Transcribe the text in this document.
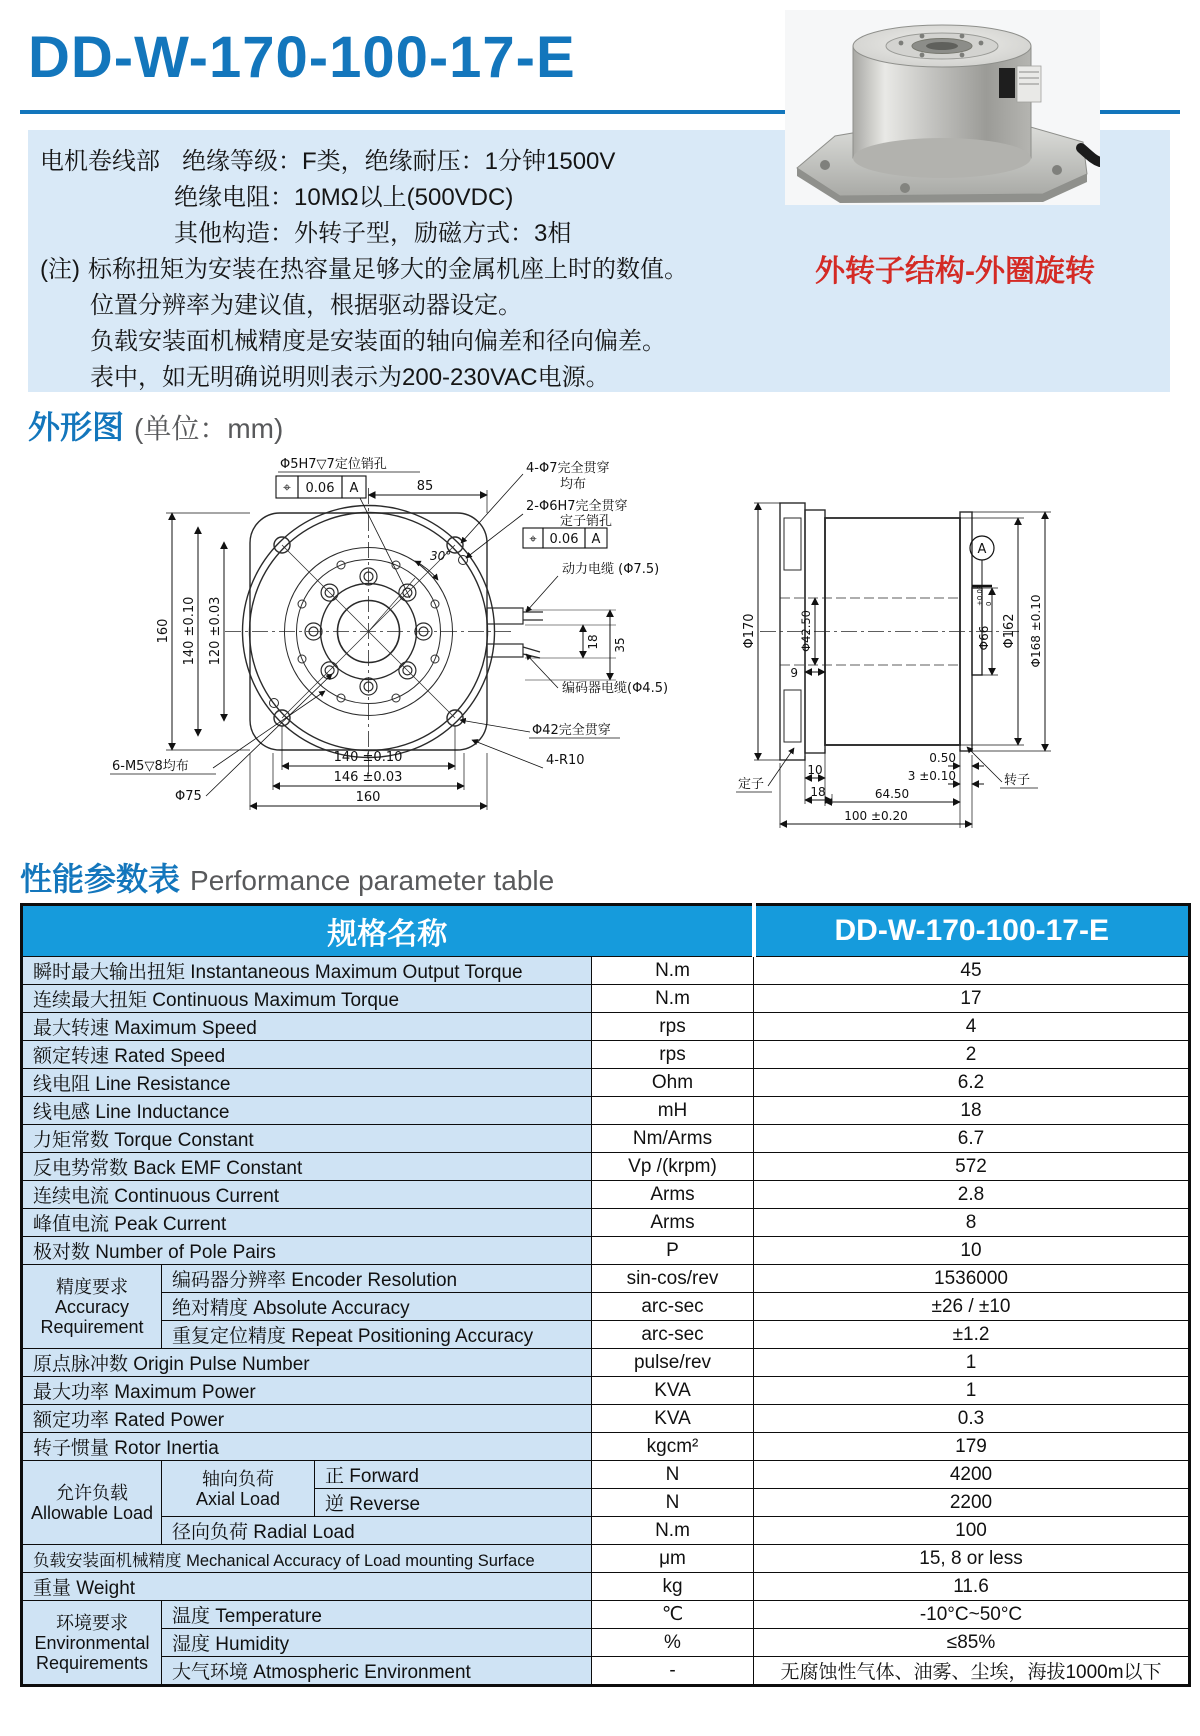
DD-W-170-100-17-E
电机卷线部 绝缘等级：F类，绝缘耐压：1分钟1500V
绝缘电阻：10MΩ以上(500VDC)
其他构造：外转子型，励磁方式：3相
(注) 标称扭矩为安装在热容量足够大的金属机座上时的数值。
位置分辨率为建议值，根据驱动器设定。
负载安装面机械精度是安装面的轴向偏差和径向偏差。
表中，如无明确说明则表示为200-230VAC电源。
外转子结构-外圈旋转
外形图 (单位：mm)
Φ5H7▽7定位销孔
⌖ 0.06 A	85
4-Φ7完全贯穿
均布
2-Φ6H7完全贯穿
定子销孔
⌖ 0.06 A
动力电缆 (Φ7.5)
编码器电缆(Φ4.5)
160 140 ±0.10 120 ±0.03	18 35
30°
Φ42完全贯穿
4-R10
6-M5▽8均布
Φ75
140 ±0.10
146 ±0.03
160
Φ170	Φ42.50
9
Φ66
+0.03 0
Φ162 Φ168 ±0.10
A
定子	转子
10
18
0.50
3 ±0.10
64.50
100 ±0.20
性能参数表 Performance parameter table
规格名称				DD-W-170-100-17-E
瞬时最大输出扭矩 Instantaneous Maximum Output Torque			N.m	45
连续最大扭矩 Continuous Maximum Torque			N.m	17
最大转速 Maximum Speed			rps	4
额定转速 Rated Speed			rps	2
线电阻 Line Resistance			Ohm	6.2
线电感 Line Inductance			mH	18
力矩常数 Torque Constant			Nm/Arms	6.7
反电势常数 Back EMF Constant			Vp /(krpm)	572
连续电流 Continuous Current			Arms	2.8
峰值电流 Peak Current			Arms	8
极对数 Number of Pole Pairs			P	10

精度要求
Accuracy
Requirement	编码器分辨率 Encoder Resolution		sin-cos/rev	1536000
	绝对精度 Absolute Accuracy		arc-sec	±26 / ±10
	重复定位精度 Repeat Positioning Accuracy		arc-sec	±1.2
原点脉冲数 Origin Pulse Number			pulse/rev	1
最大功率 Maximum Power			KVA	1
额定功率 Rated Power			KVA	0.3
转子惯量 Rotor Inertia			kgcm²	179

允许负载
Allowable Load

轴向负荷
Axial Load
	正 Forward	N	4200
		逆 Reverse	N	2200
	径向负荷 Radial Load		N.m	100
负载安装面机械精度 Mechanical Accuracy of Load mounting Surface			μm	15, 8 or less
重量 Weight			kg	11.6

环境要求
Environmental
Requirements	温度 Temperature		℃	-10°C~50°C
	湿度 Humidity		%	≤85%
	大气环境 Atmospheric Environment		-	无腐蚀性气体、油雾、尘埃，海拔1000m以下
